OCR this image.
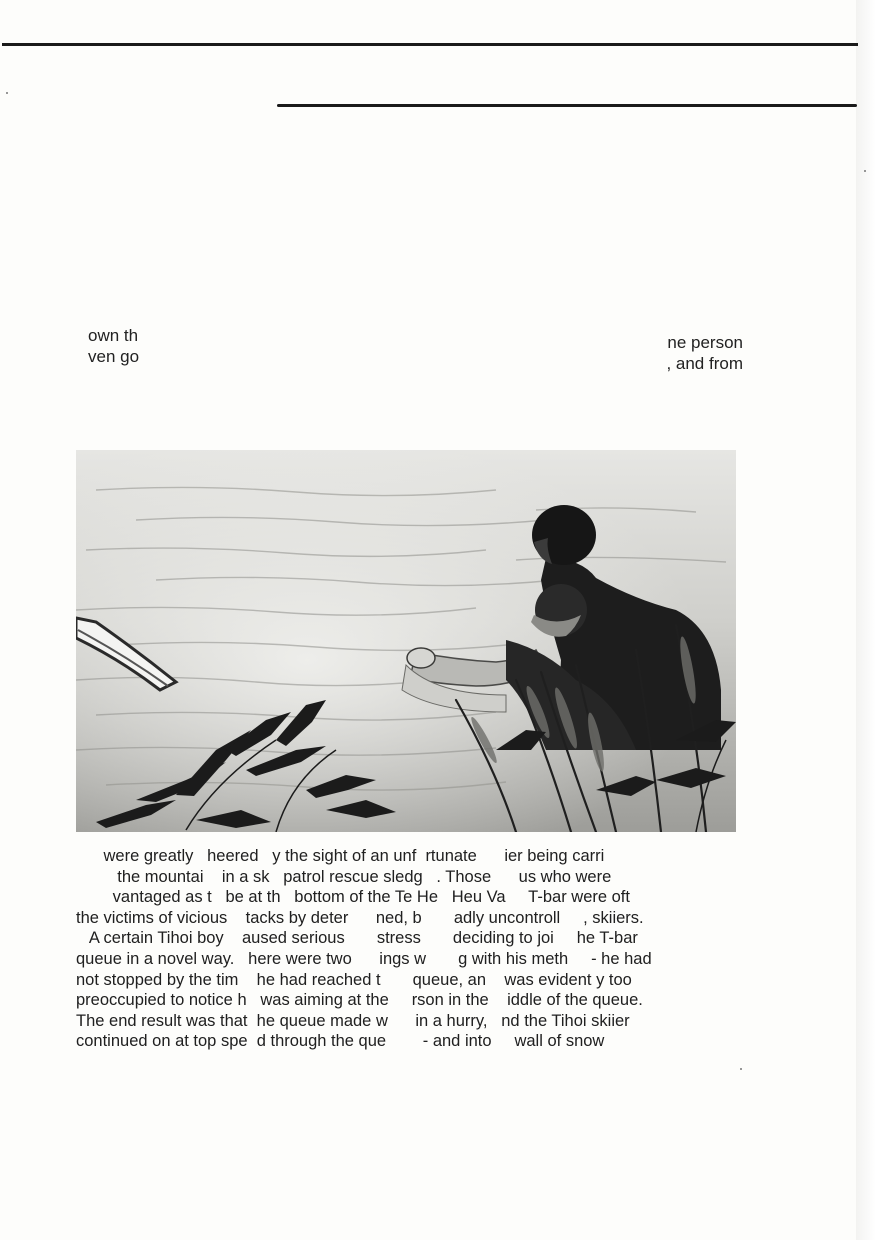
own th
ven go
ne person
, and from
were greatly   heered   y the sight of an unf  rtunate      ier being carri
the mountai    in a sk   patrol rescue sledg   . Those      us who were
vantaged as t   be at th   bottom of the Te He   Heu Va     T-bar were oft
the victims of vicious    tacks by deter      ned, b       adly uncontroll     , skiiers.
A certain Tihoi boy    aused serious       stress       deciding to joi     he T-bar
queue in a novel way.   here were two      ings w       g with his meth     - he had
not stopped by the tim    he had reached t       queue, an    was evident y too
preoccupied to notice h   was aiming at the     rson in the    iddle of the queue.
The end result was that  he queue made w      in a hurry,   nd the Tihoi skiier
continued on at top spe  d through the que        - and into     wall of snow
